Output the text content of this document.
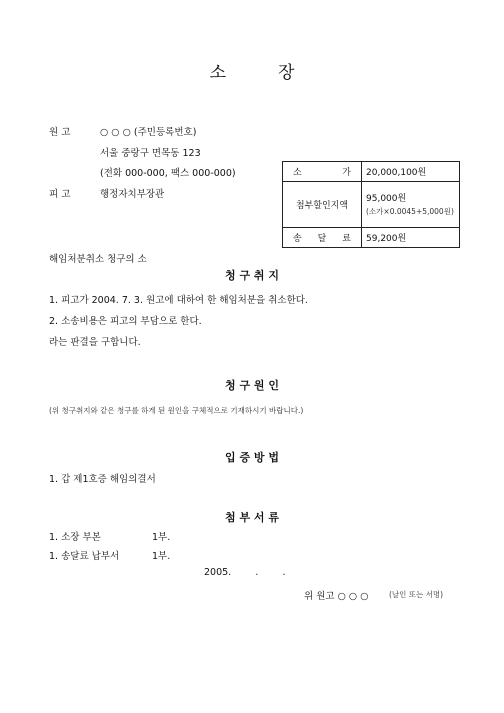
소	장
원 고	○ ○ ○ (주민등록번호)
서울 중랑구 면목동 123
(전화 000-000, 팩스 000-000)
피 고	행정자치부장관
소 가	20,000,100원
첨부할인지액	95,000원
(소가×0.0045+5,000원)

송 달 료	59,200원
해임처분취소 청구의 소
청 구 취 지
1. 피고가 2004. 7. 3. 원고에 대하여 한 해임처분을 취소한다.
2. 소송비용은 피고의 부담으로 한다.
라는 판결을 구합니다.
청 구 원 인
(위 청구취지와 같은 청구를 하게 된 원인을 구체적으로 기재하시기 바랍니다.)
입 증 방 법
1. 갑 제1호증 해임의결서
첨 부 서 류
1. 소장 부본	1부.
1. 송달료 납부서	1부.
2005.        .        .
위 원고 ○ ○ ○	(날인 또는 서명)
